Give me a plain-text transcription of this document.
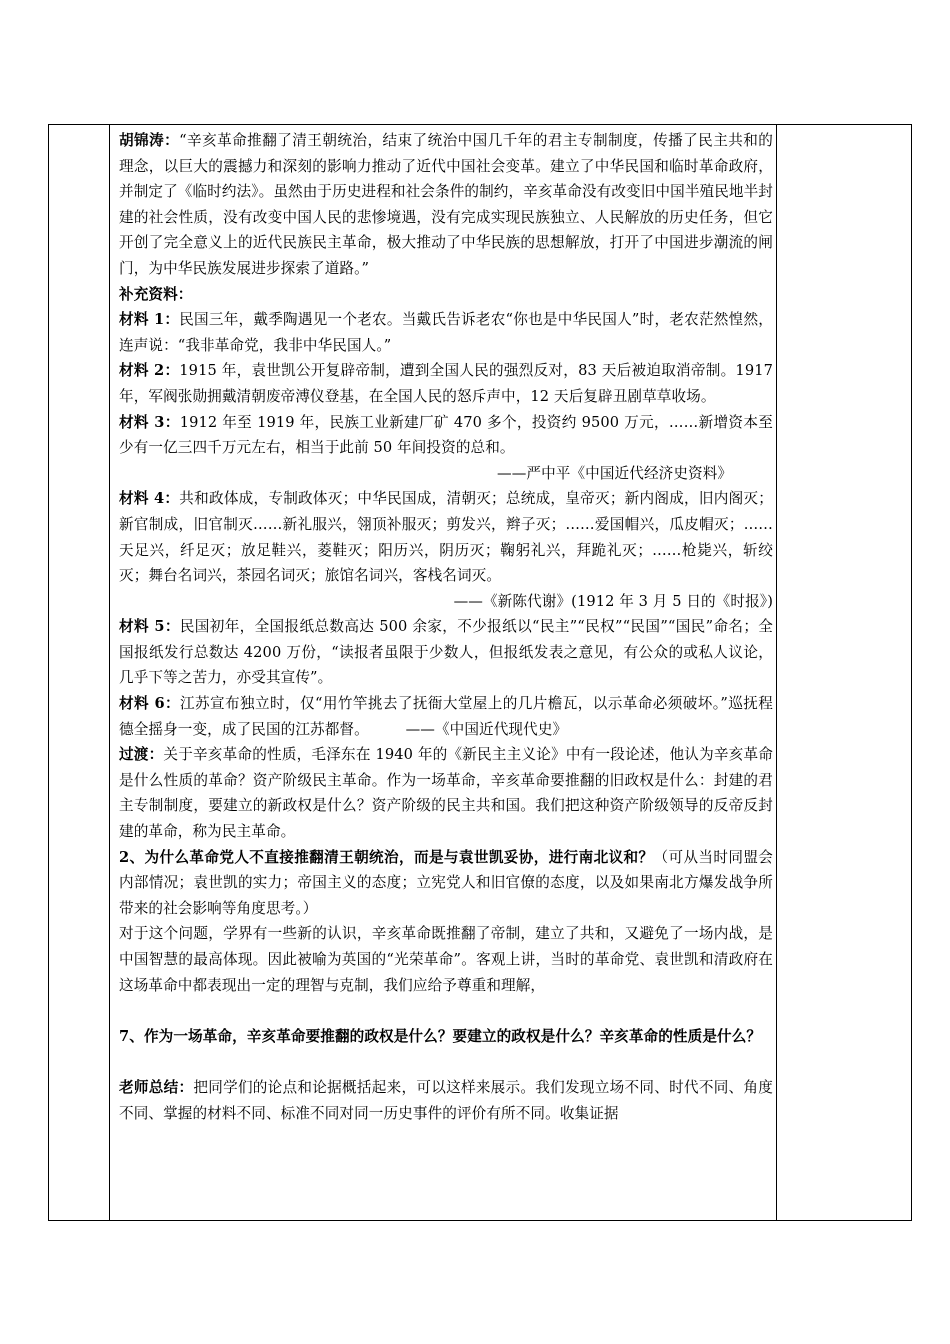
胡锦涛：“辛亥革命推翻了清王朝统治，结束了统治中国几千年的君主专制制度，传播了民主共和的理念，以巨大的震撼力和深刻的影响力推动了近代中国社会变革。建立了中华民国和临时革命政府，并制定了《临时约法》。虽然由于历史进程和社会条件的制约，辛亥革命没有改变旧中国半殖民地半封建的社会性质，没有改变中国人民的悲惨境遇，没有完成实现民族独立、人民解放的历史任务，但它开创了完全意义上的近代民族民主革命，极大推动了中华民族的思想解放，打开了中国进步潮流的闸门，为中华民族发展进步探索了道路。”

补充资料：

材料 1：民国三年，戴季陶遇见一个老农。当戴氏告诉老农“你也是中华民国人”时，老农茫然惶然，连声说：“我非革命党，我非中华民国人。”

材料 2：1915 年，袁世凯公开复辟帝制，遭到全国人民的强烈反对，83 天后被迫取消帝制。1917 年，军阀张勋拥戴清朝废帝溥仪登基，在全国人民的怒斥声中，12 天后复辟丑剧草草收场。

材料 3：1912 年至 1919 年，民族工业新建厂矿 470 多个，投资约 9500 万元，……新增资本至少有一亿三四千万元左右，相当于此前 50 年间投资的总和。

——严中平《中国近代经济史资料》

材料 4：共和政体成，专制政体灭；中华民国成，清朝灭；总统成，皇帝灭；新内阁成，旧内阁灭；新官制成，旧官制灭……新礼服兴，翎顶补服灭；剪发兴，辫子灭；……爱国帽兴，瓜皮帽灭；……天足兴，纤足灭；放足鞋兴，菱鞋灭；阳历兴，阴历灭；鞠躬礼兴，拜跪礼灭；……枪毙兴，斩绞灭；舞台名词兴，茶园名词灭；旅馆名词兴，客栈名词灭。

——《新陈代谢》(1912 年 3 月 5 日的《时报》)

材料 5：民国初年，全国报纸总数高达 500 余家，不少报纸以“民主”“民权”“民国”“国民”命名；全国报纸发行总数达 4200 万份，“读报者虽限于少数人，但报纸发表之意见，有公众的或私人议论，几乎下等之苦力，亦受其宣传”。

材料 6：江苏宣布独立时，仅“用竹竿挑去了抚衙大堂屋上的几片檐瓦，以示革命必须破坏。”巡抚程德全摇身一变，成了民国的江苏都督。　　　——《中国近代现代史》

过渡：关于辛亥革命的性质，毛泽东在 1940 年的《新民主主义论》中有一段论述，他认为辛亥革命是什么性质的革命？资产阶级民主革命。作为一场革命，辛亥革命要推翻的旧政权是什么：封建的君主专制制度，要建立的新政权是什么？资产阶级的民主共和国。我们把这种资产阶级领导的反帝反封建的革命，称为民主革命。

2、为什么革命党人不直接推翻清王朝统治，而是与袁世凯妥协，进行南北议和？（可从当时同盟会内部情况；袁世凯的实力；帝国主义的态度；立宪党人和旧官僚的态度，以及如果南北方爆发战争所带来的社会影响等角度思考。）

对于这个问题，学界有一些新的认识，辛亥革命既推翻了帝制，建立了共和，又避免了一场内战，是中国智慧的最高体现。因此被喻为英国的“光荣革命”。客观上讲，当时的革命党、袁世凯和清政府在这场革命中都表现出一定的理智与克制，我们应给予尊重和理解，

7、作为一场革命，辛亥革命要推翻的政权是什么？要建立的政权是什么？辛亥革命的性质是什么？

老师总结：把同学们的论点和论据概括起来，可以这样来展示。我们发现立场不同、时代不同、角度不同、掌握的材料不同、标准不同对同一历史事件的评价有所不同。收集证据
